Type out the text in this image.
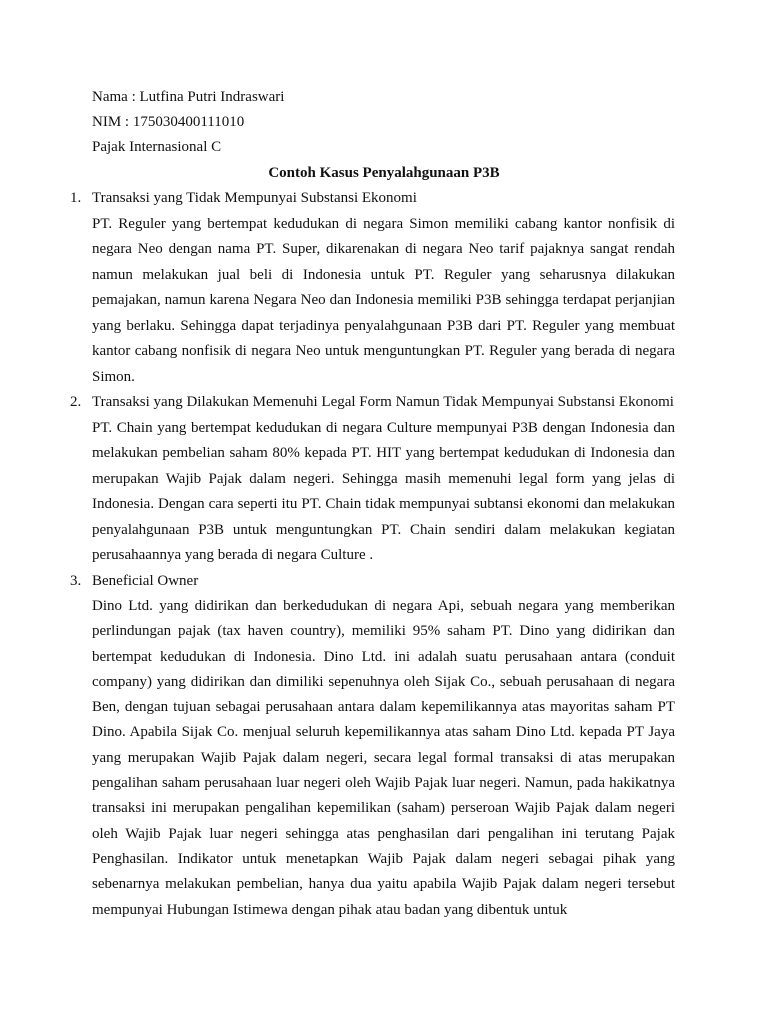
Nama : Lutfina Putri Indraswari
NIM : 175030400111010
Pajak Internasional C
Contoh Kasus Penyalahgunaan P3B
1. Transaksi yang Tidak Mempunyai Substansi Ekonomi

PT. Reguler yang bertempat kedudukan di negara Simon memiliki cabang kantor nonfisik di negara Neo dengan nama PT. Super, dikarenakan di negara Neo tarif pajaknya sangat rendah namun melakukan jual beli di Indonesia untuk PT. Reguler yang seharusnya dilakukan pemajakan, namun karena Negara Neo dan Indonesia memiliki P3B sehingga terdapat perjanjian yang berlaku. Sehingga dapat terjadinya penyalahgunaan P3B dari PT. Reguler yang membuat kantor cabang nonfisik di negara Neo untuk menguntungkan PT. Reguler yang berada di negara Simon.

2. Transaksi yang Dilakukan Memenuhi Legal Form Namun Tidak Mempunyai Substansi Ekonomi

PT. Chain yang bertempat kedudukan di negara Culture mempunyai P3B dengan Indonesia dan melakukan pembelian saham 80% kepada PT. HIT yang bertempat kedudukan di Indonesia dan merupakan Wajib Pajak dalam negeri. Sehingga masih memenuhi legal form yang jelas di Indonesia. Dengan cara seperti itu PT. Chain tidak mempunyai subtansi ekonomi dan melakukan penyalahgunaan P3B untuk menguntungkan PT. Chain sendiri dalam melakukan kegiatan perusahaannya yang berada di negara Culture .

3. Beneficial Owner

Dino Ltd. yang didirikan dan berkedudukan di negara Api, sebuah negara yang memberikan perlindungan pajak (tax haven country), memiliki 95% saham PT. Dino yang didirikan dan bertempat kedudukan di Indonesia. Dino Ltd. ini adalah suatu perusahaan antara (conduit company) yang didirikan dan dimiliki sepenuhnya oleh Sijak Co., sebuah perusahaan di negara Ben, dengan tujuan sebagai perusahaan antara dalam kepemilikannya atas mayoritas saham PT Dino. Apabila Sijak Co. menjual seluruh kepemilikannya atas saham Dino Ltd. kepada PT Jaya yang merupakan Wajib Pajak dalam negeri, secara legal formal transaksi di atas merupakan pengalihan saham perusahaan luar negeri oleh Wajib Pajak luar negeri. Namun, pada hakikatnya transaksi ini merupakan pengalihan kepemilikan (saham) perseroan Wajib Pajak dalam negeri oleh Wajib Pajak luar negeri sehingga atas penghasilan dari pengalihan ini terutang Pajak Penghasilan. Indikator untuk menetapkan Wajib Pajak dalam negeri sebagai pihak yang sebenarnya melakukan pembelian, hanya dua yaitu apabila Wajib Pajak dalam negeri tersebut mempunyai Hubungan Istimewa dengan pihak atau badan yang dibentuk untuk
